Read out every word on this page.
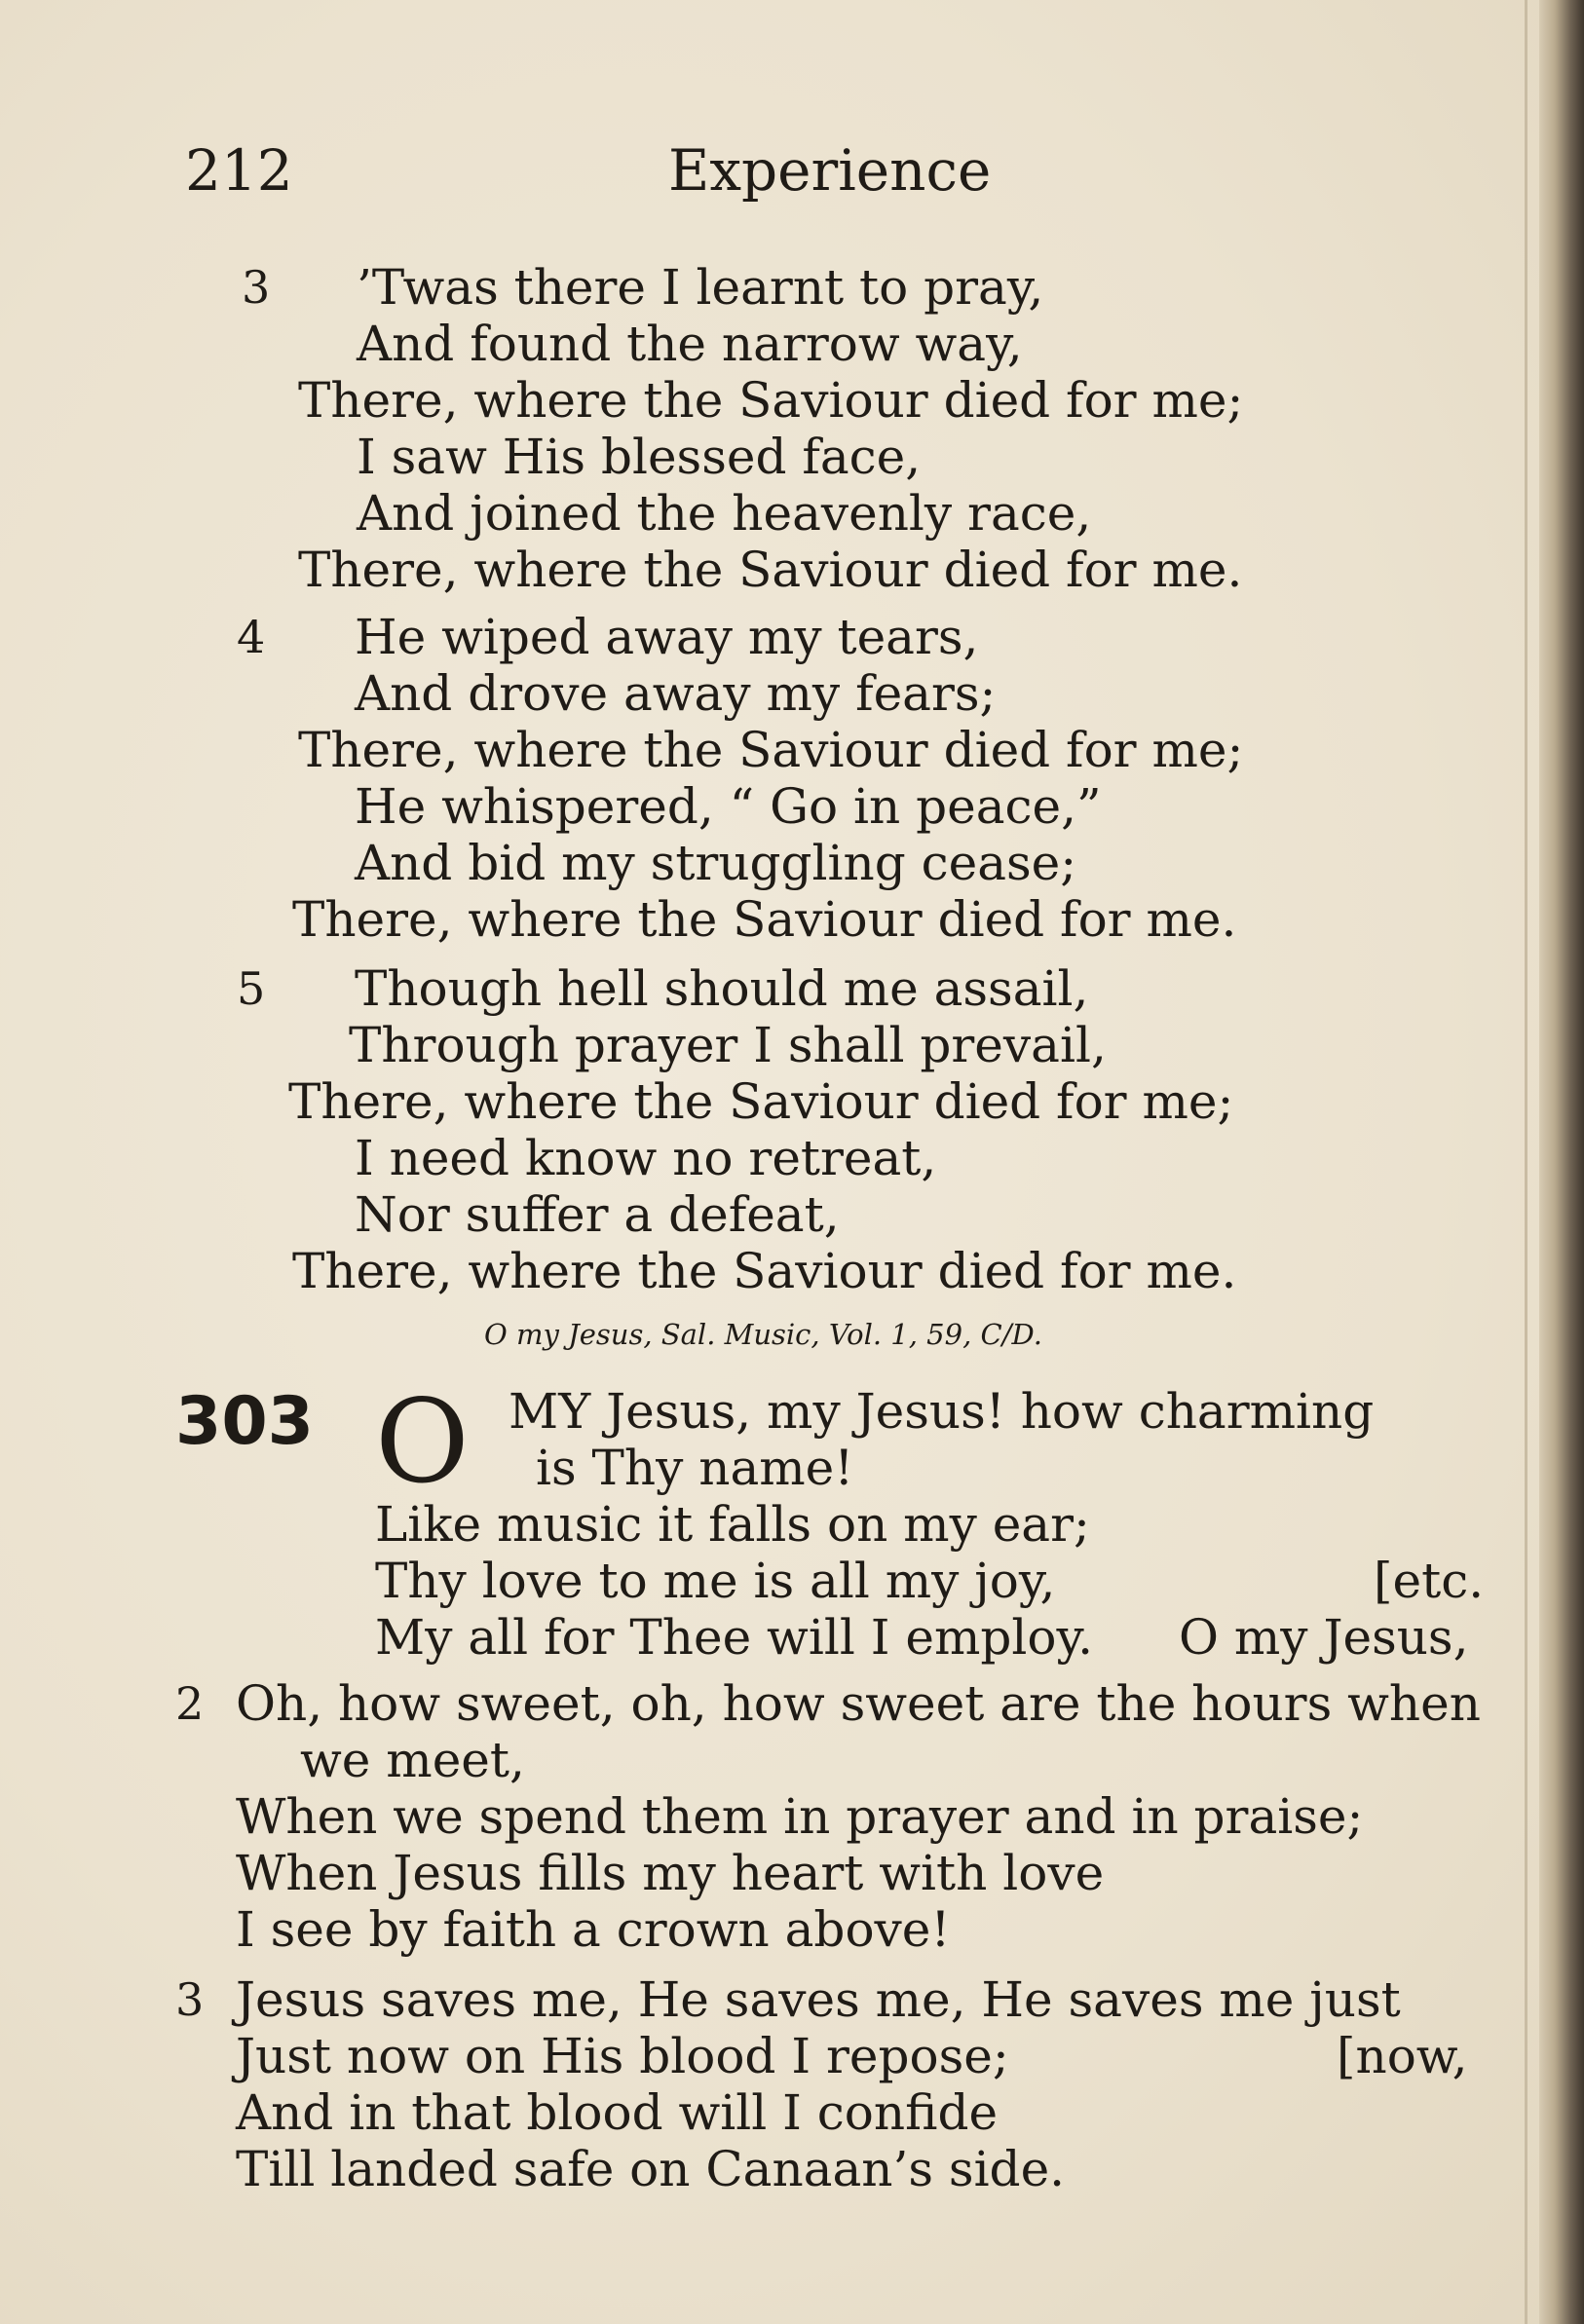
212	Experience
3 ’Twas there I learnt to pray,
And found the narrow way,
There, where the Saviour died for me;
I saw His blessed face,
And joined the heavenly race,
There, where the Saviour died for me.
4 He wiped away my tears,
And drove away my fears;
There, where the Saviour died for me;
He whispered, “ Go in peace,”
And bid my struggling cease;
There, where the Saviour died for me.
5 Though hell should me assail,
Through prayer I shall prevail,
There, where the Saviour died for me;
I need know no retreat,
Nor suffer a defeat,
There, where the Saviour died for me.
O my Jesus, Sal. Music, Vol. 1, 59, C/D.
303 O MY Jesus, my Jesus! how charming
is Thy name!
Like music it falls on my ear;
Thy love to me is all my joy,	[etc.
My all for Thee will I employ. O my Jesus,
2 Oh, how sweet, oh, how sweet are the hours when
we meet,
When we spend them in prayer and in praise;
When Jesus fills my heart with love
I see by faith a crown above!
3 Jesus saves me, He saves me, He saves me just
Just now on His blood I repose;	[now,
And in that blood will I confide
Till landed safe on Canaan’s side.
